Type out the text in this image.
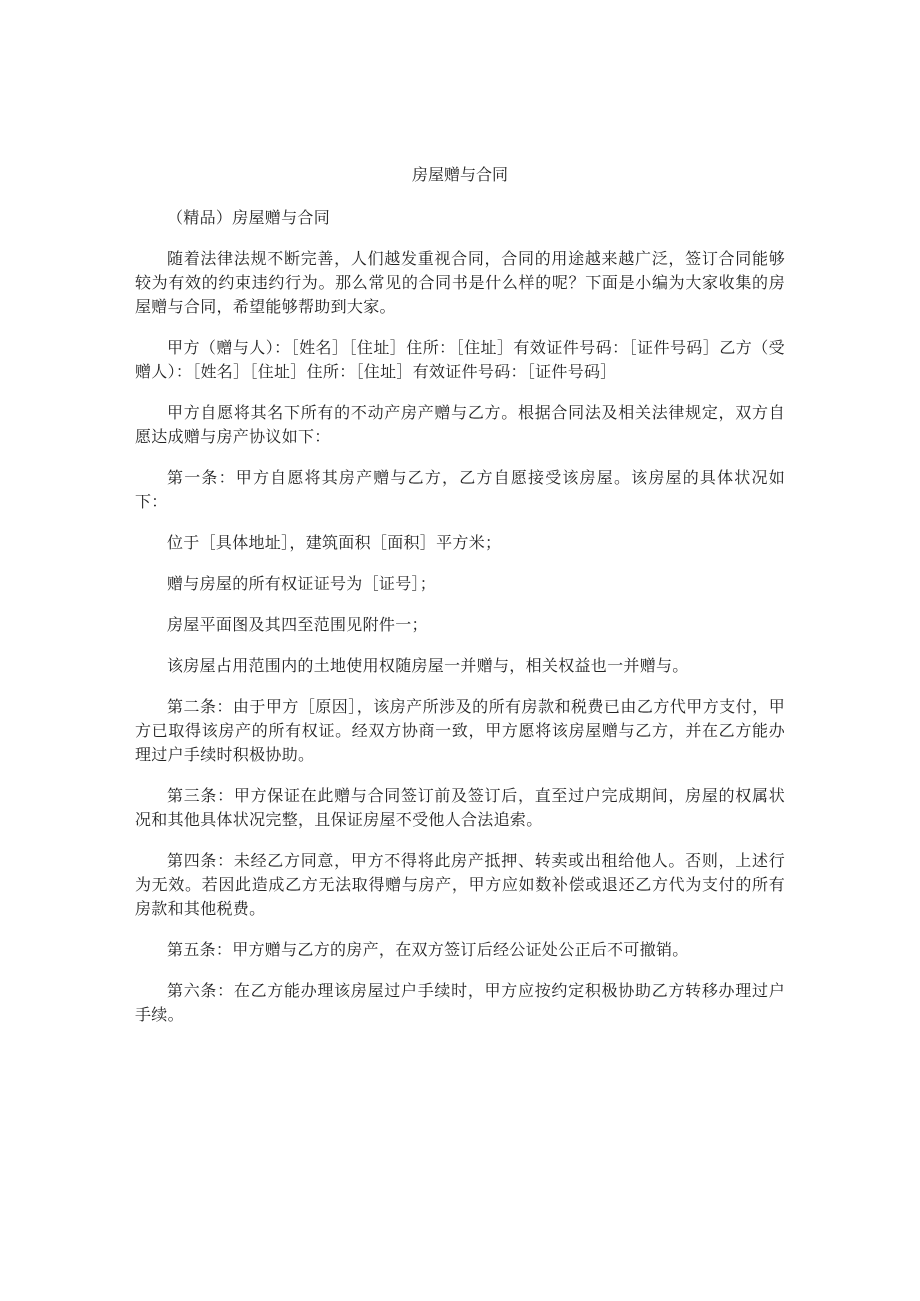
房屋赠与合同

（精品）房屋赠与合同

随着法律法规不断完善，人们越发重视合同，合同的用途越来越广泛，签订合同能够较为有效的约束违约行为。那么常见的合同书是什么样的呢？下面是小编为大家收集的房屋赠与合同，希望能够帮助到大家。

甲方（赠与人）：［姓名］［住址］住所：［住址］有效证件号码：［证件号码］乙方（受赠人）：［姓名］［住址］住所：［住址］有效证件号码：［证件号码］

甲方自愿将其名下所有的不动产房产赠与乙方。根据合同法及相关法律规定，双方自愿达成赠与房产协议如下：

第一条：甲方自愿将其房产赠与乙方，乙方自愿接受该房屋。该房屋的具体状况如下：

位于［具体地址］，建筑面积［面积］平方米；

赠与房屋的所有权证证号为［证号］；

房屋平面图及其四至范围见附件一；

该房屋占用范围内的土地使用权随房屋一并赠与，相关权益也一并赠与。

第二条：由于甲方［原因］，该房产所涉及的所有房款和税费已由乙方代甲方支付，甲方已取得该房产的所有权证。经双方协商一致，甲方愿将该房屋赠与乙方，并在乙方能办理过户手续时积极协助。

第三条：甲方保证在此赠与合同签订前及签订后，直至过户完成期间，房屋的权属状况和其他具体状况完整，且保证房屋不受他人合法追索。

第四条：未经乙方同意，甲方不得将此房产抵押、转卖或出租给他人。否则，上述行为无效。若因此造成乙方无法取得赠与房产，甲方应如数补偿或退还乙方代为支付的所有房款和其他税费。

第五条：甲方赠与乙方的房产，在双方签订后经公证处公正后不可撤销。

第六条：在乙方能办理该房屋过户手续时，甲方应按约定积极协助乙方转移办理过户手续。
